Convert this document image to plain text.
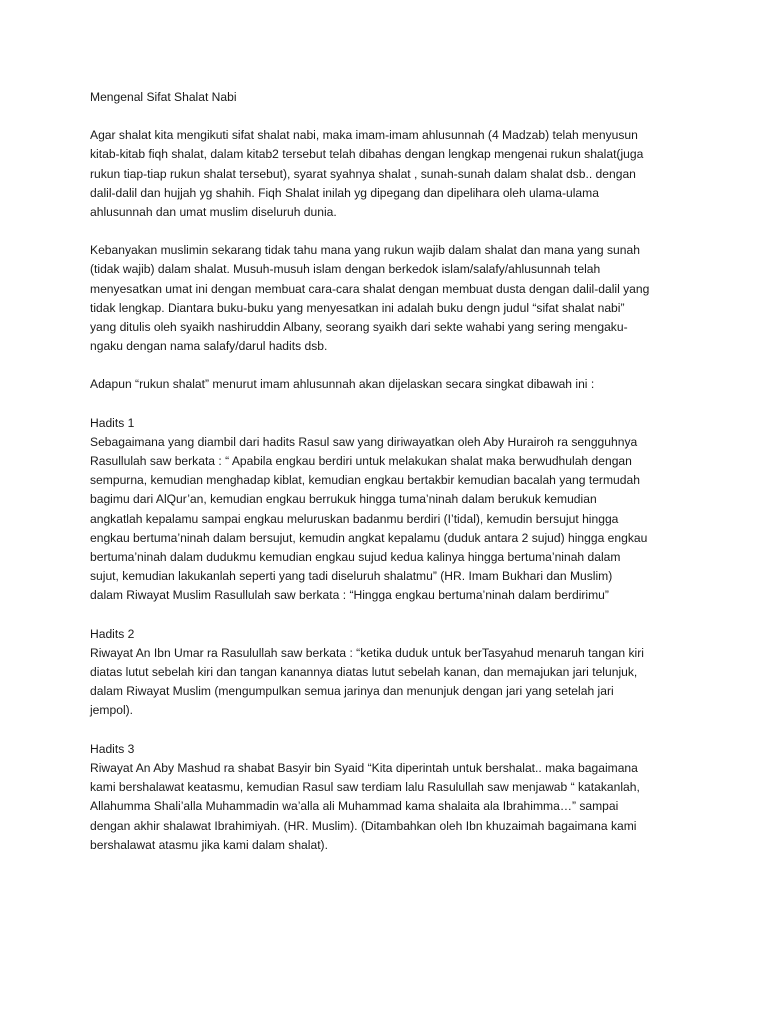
Mengenal Sifat Shalat Nabi
Agar shalat kita mengikuti sifat shalat nabi, maka imam-imam ahlusunnah (4 Madzab) telah menyusun
kitab-kitab fiqh shalat, dalam kitab2 tersebut telah dibahas dengan lengkap mengenai rukun shalat(juga
rukun tiap-tiap rukun shalat tersebut), syarat syahnya shalat , sunah-sunah dalam shalat dsb.. dengan
dalil-dalil dan hujjah yg shahih. Fiqh Shalat inilah yg dipegang dan dipelihara oleh ulama-ulama
ahlusunnah dan umat muslim diseluruh dunia.
Kebanyakan muslimin sekarang tidak tahu mana yang rukun wajib dalam shalat dan mana yang sunah
(tidak wajib) dalam shalat. Musuh-musuh islam dengan berkedok islam/salafy/ahlusunnah telah
menyesatkan umat ini dengan membuat cara-cara shalat dengan membuat dusta dengan dalil-dalil yang
tidak lengkap. Diantara buku-buku yang menyesatkan ini adalah buku dengn judul “sifat shalat nabi”
yang ditulis oleh syaikh nashiruddin Albany, seorang syaikh dari sekte wahabi yang sering mengaku-
ngaku dengan nama salafy/darul hadits dsb.
Adapun “rukun shalat” menurut imam ahlusunnah akan dijelaskan secara singkat dibawah ini :
Hadits 1
Sebagaimana yang diambil dari hadits Rasul saw yang diriwayatkan oleh Aby Hurairoh ra sengguhnya
Rasullulah saw berkata : “ Apabila engkau berdiri untuk melakukan shalat maka berwudhulah dengan
sempurna, kemudian menghadap kiblat, kemudian engkau bertakbir kemudian bacalah yang termudah
bagimu dari AlQur’an, kemudian engkau berrukuk hingga tuma’ninah dalam berukuk kemudian
angkatlah kepalamu sampai engkau meluruskan badanmu berdiri (I’tidal), kemudin bersujut hingga
engkau bertuma’ninah dalam bersujut, kemudin angkat kepalamu (duduk antara 2 sujud) hingga engkau
bertuma’ninah dalam dudukmu kemudian engkau sujud kedua kalinya hingga bertuma’ninah dalam
sujut, kemudian lakukanlah seperti yang tadi diseluruh shalatmu” (HR. Imam Bukhari dan Muslim)
dalam Riwayat Muslim Rasullulah saw berkata : “Hingga engkau bertuma’ninah dalam berdirimu”
Hadits 2
Riwayat An Ibn Umar ra Rasulullah saw berkata : “ketika duduk untuk berTasyahud menaruh tangan kiri
diatas lutut sebelah kiri dan tangan kanannya diatas lutut sebelah kanan, dan memajukan jari telunjuk,
dalam Riwayat Muslim (mengumpulkan semua jarinya dan menunjuk dengan jari yang setelah jari
jempol).
Hadits 3
Riwayat An Aby Mashud ra shabat Basyir bin Syaid “Kita diperintah untuk bershalat.. maka bagaimana
kami bershalawat keatasmu, kemudian Rasul saw terdiam lalu Rasulullah saw menjawab “ katakanlah,
Allahumma Shali’alla Muhammadin wa’alla ali Muhammad kama shalaita ala Ibrahimma…” sampai
dengan akhir shalawat Ibrahimiyah. (HR. Muslim). (Ditambahkan oleh Ibn khuzaimah bagaimana kami
bershalawat atasmu jika kami dalam shalat).
